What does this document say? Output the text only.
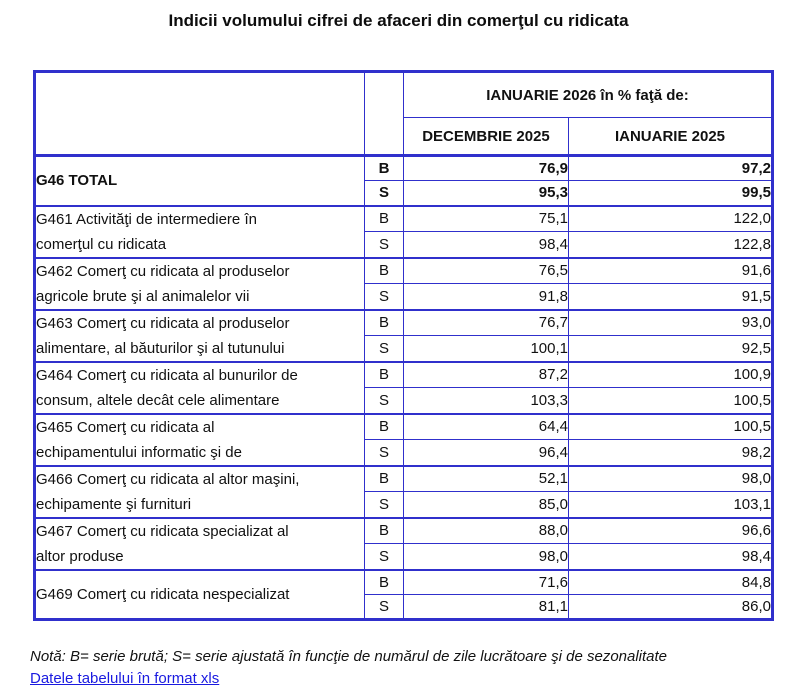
Indicii volumului cifrei de afaceri din comerţul cu ridicata
		IANUARIE 2026 în % faţă de:	
		DECEMBRIE 2025	IANUARIE 2025

G46 TOTAL	B	76,9	97,2
	S	95,3	99,5

G461 Activităţi de intermediere în
comerţul cu ridicata	B	75,1	122,0
	S	98,4	122,8

G462 Comerţ cu ridicata al produselor
agricole brute şi al animalelor vii	B	76,5	91,6
	S	91,8	91,5

G463 Comerţ cu ridicata al produselor
alimentare, al băuturilor şi al tutunului	B	76,7	93,0
	S	100,1	92,5

G464 Comerţ cu ridicata al bunurilor de
consum, altele decât cele alimentare	B	87,2	100,9
	S	103,3	100,5

G465 Comerţ cu ridicata al
echipamentului informatic şi de	B	64,4	100,5
	S	96,4	98,2

G466 Comerţ cu ridicata al altor maşini,
echipamente şi furnituri	B	52,1	98,0
	S	85,0	103,1

G467 Comerţ cu ridicata specializat al
altor produse	B	88,0	96,6
	S	98,0	98,4

G469 Comerţ cu ridicata nespecializat	B	71,6	84,8
	S	81,1	86,0
Notă: B= serie brută; S= serie ajustată în funcţie de numărul de zile lucrătoare şi de sezonalitate
Datele tabelului în format xls
